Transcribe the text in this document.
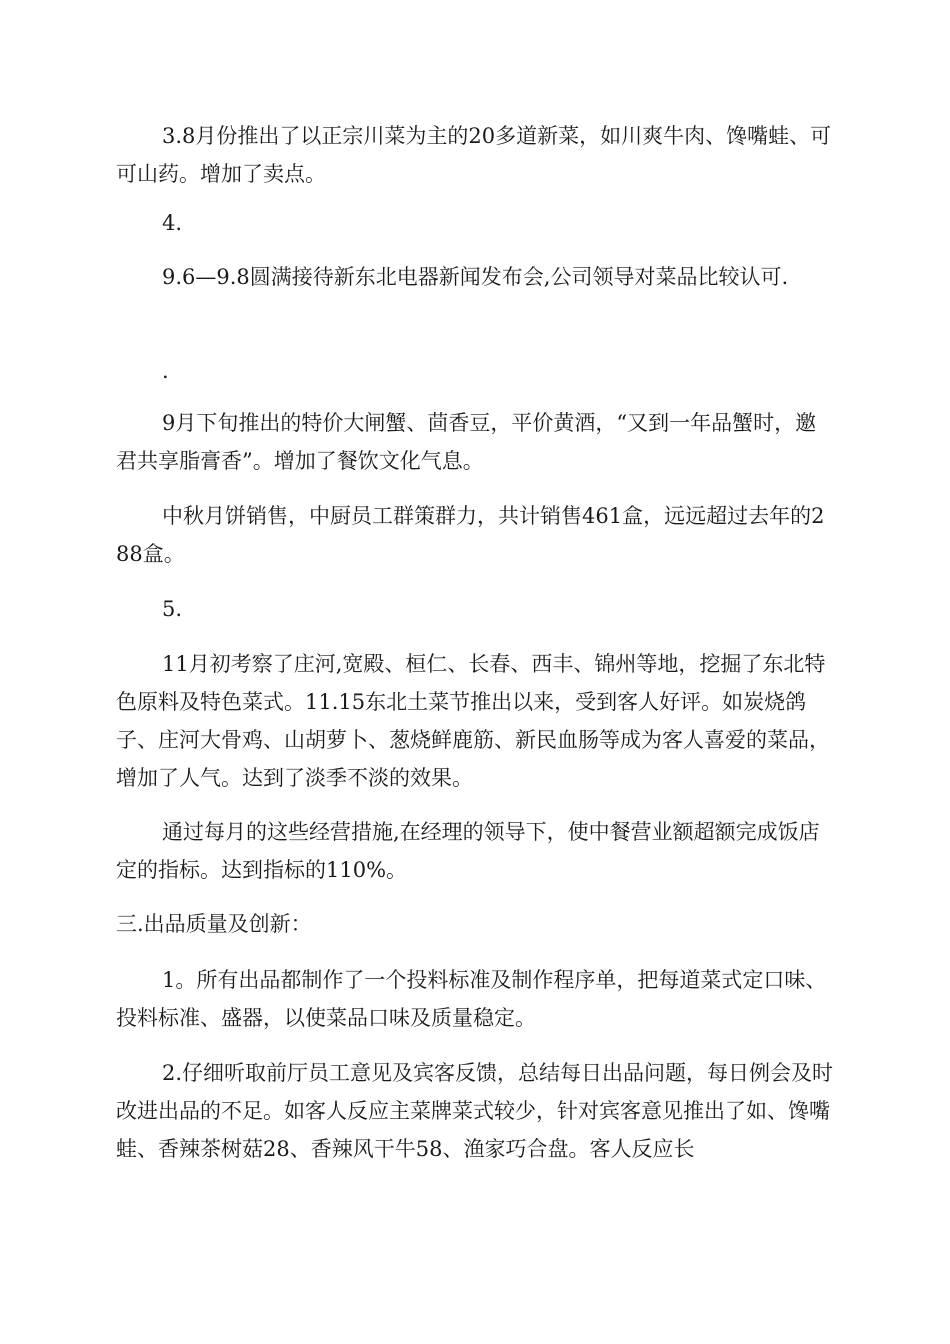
3.8月份推出了以正宗川菜为主的20多道新菜，如川爽牛肉、馋嘴蛙、可可山药。增加了卖点。

4.

9.6—9.8圆满接待新东北电器新闻发布会,公司领导对菜品比较认可.

.

9月下旬推出的特价大闸蟹、茴香豆，平价黄酒，“又到一年品蟹时，邀君共享脂膏香”。增加了餐饮文化气息。

中秋月饼销售，中厨员工群策群力，共计销售461盒，远远超过去年的288盒。

5.

11月初考察了庄河,宽殿、桓仁、长春、西丰、锦州等地，挖掘了东北特色原料及特色菜式。11.15东北土菜节推出以来，受到客人好评。如炭烧鸽子、庄河大骨鸡、山胡萝卜、葱烧鲜鹿筋、新民血肠等成为客人喜爱的菜品，增加了人气。达到了淡季不淡的效果。

通过每月的这些经营措施,在经理的领导下，使中餐营业额超额完成饭店定的指标。达到指标的110%。

三.出品质量及创新：

1。所有出品都制作了一个投料标准及制作程序单，把每道菜式定口味、投料标准、盛器，以使菜品口味及质量稳定。

2.仔细听取前厅员工意见及宾客反馈，总结每日出品问题，每日例会及时改进出品的不足。如客人反应主菜牌菜式较少，针对宾客意见推出了如、馋嘴蛙、香辣茶树菇28、香辣风干牛58、渔家巧合盘。客人反应长
